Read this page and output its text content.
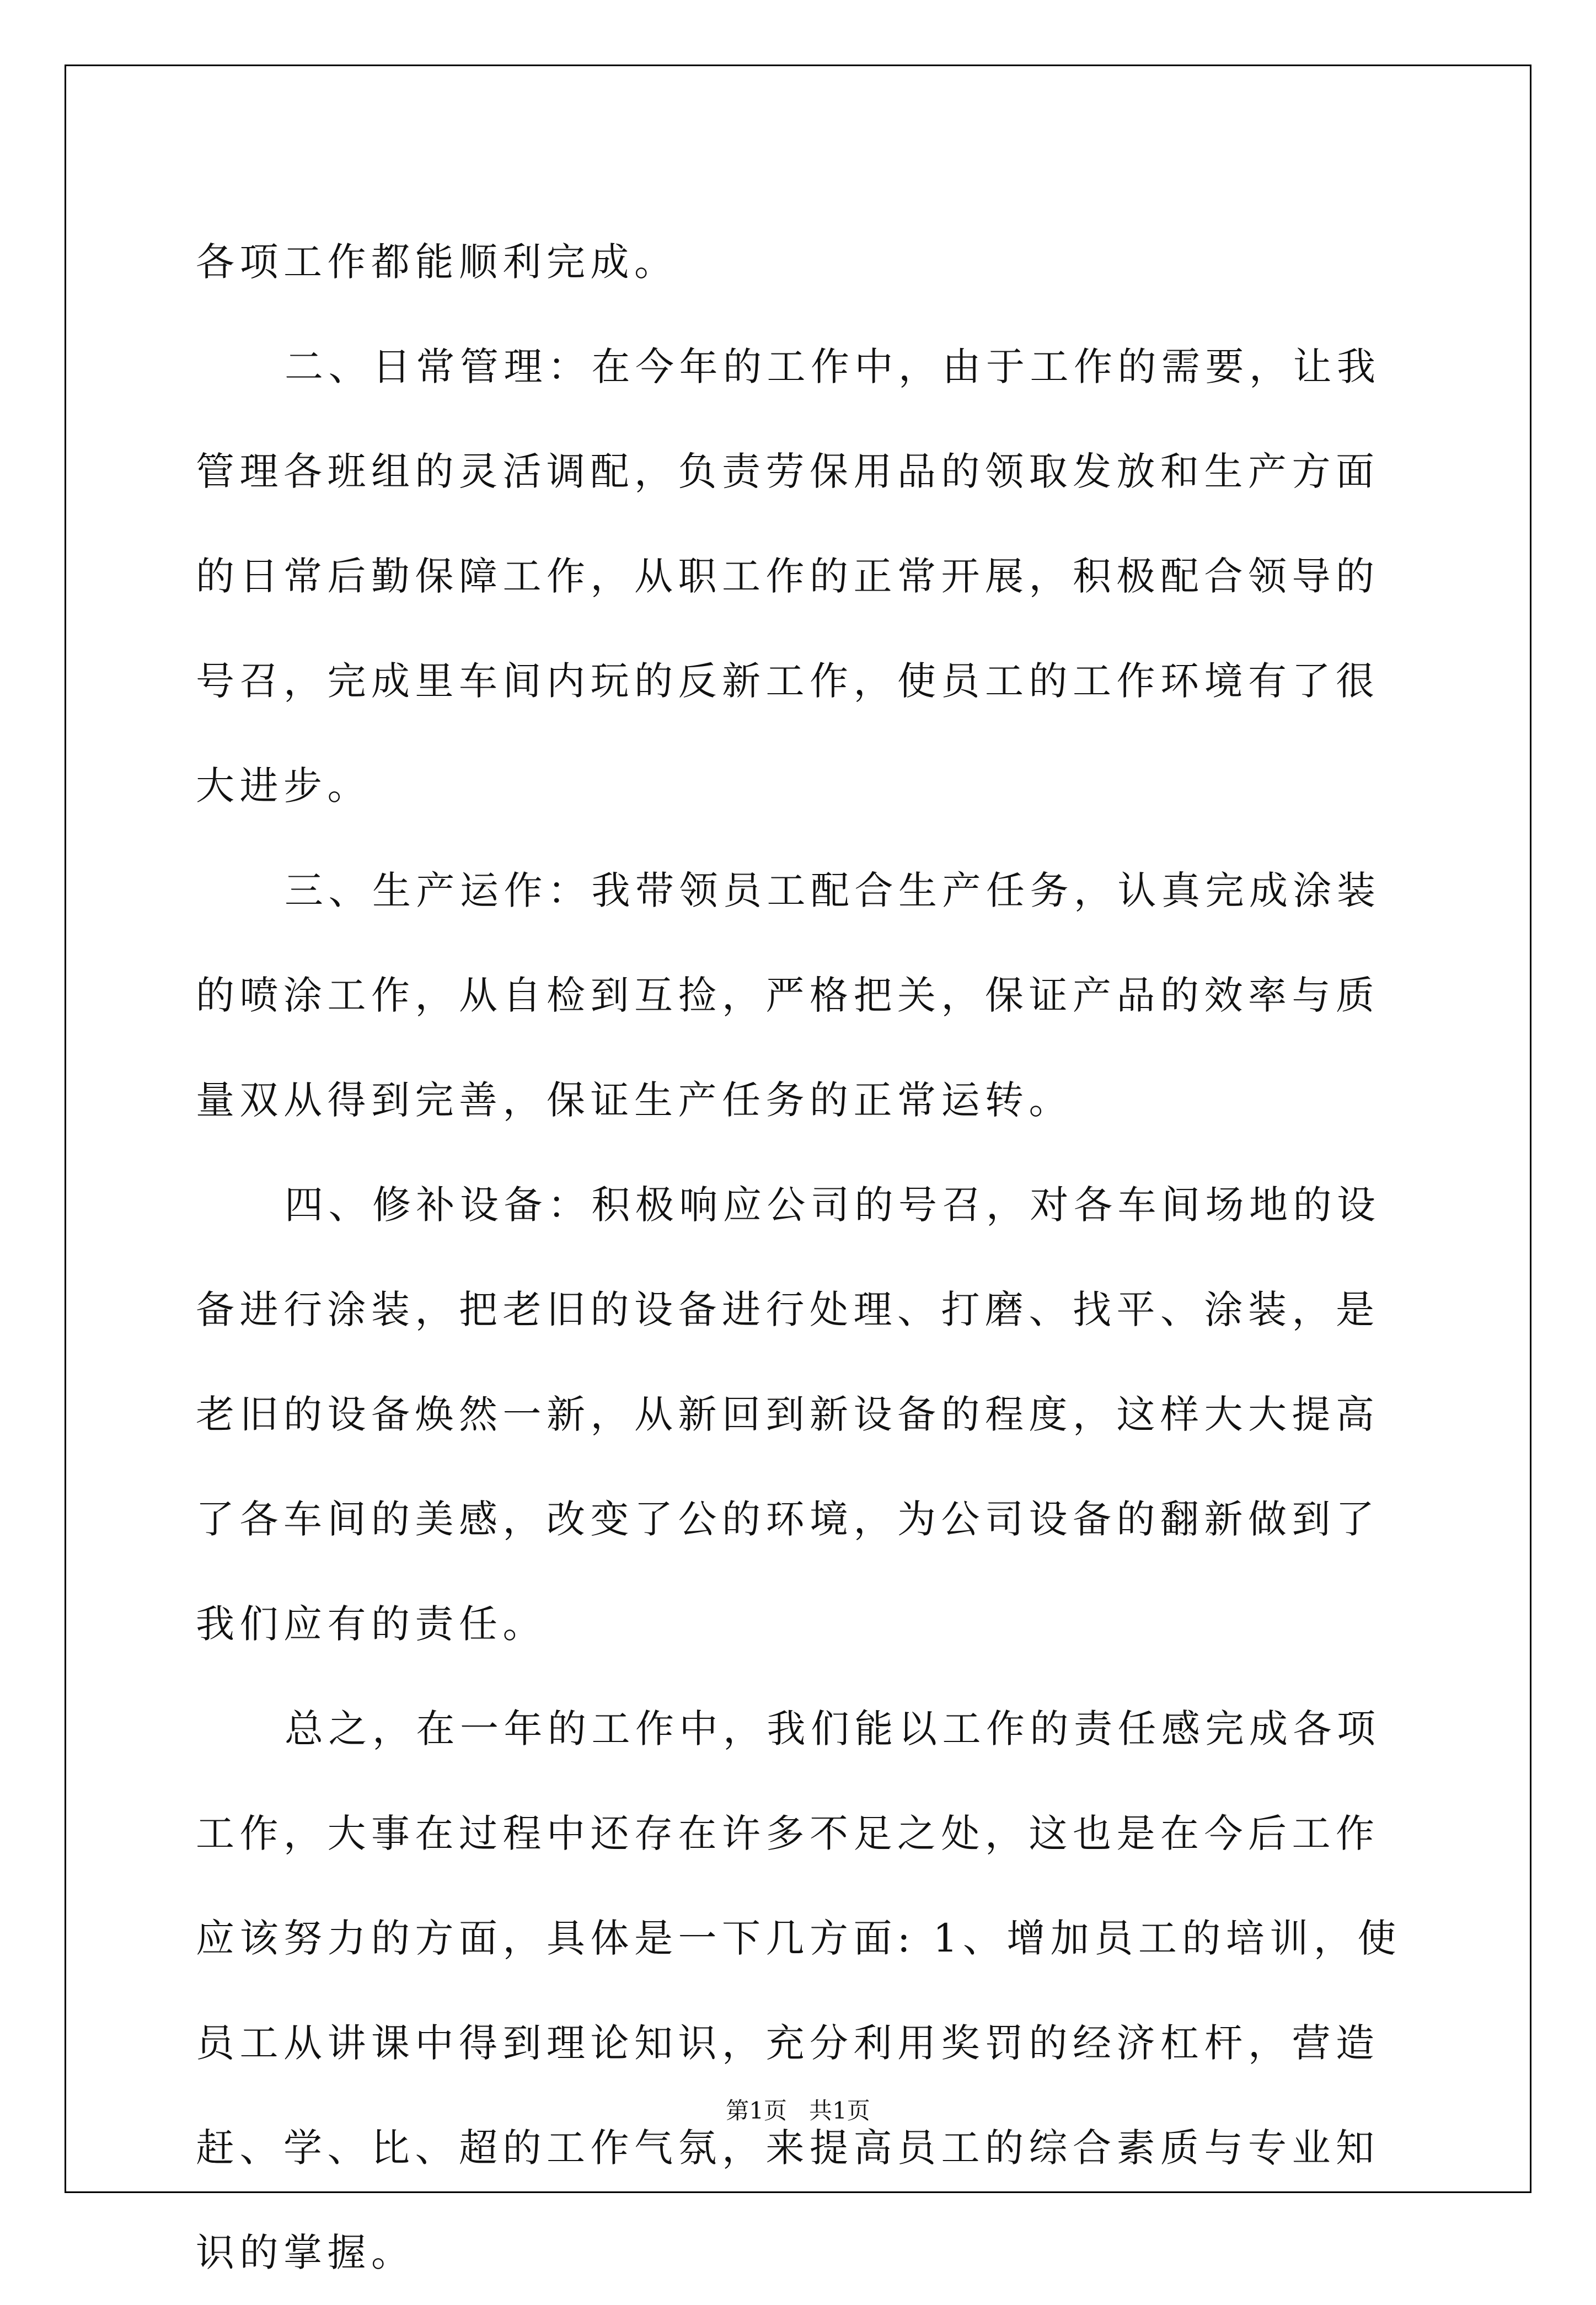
各项工作都能顺利完成。

二、日常管理：在今年的工作中，由于工作的需要，让我管理各班组的灵活调配，负责劳保用品的领取发放和生产方面的日常后勤保障工作，从职工作的正常开展，积极配合领导的号召，完成里车间内玩的反新工作，使员工的工作环境有了很大进步。

三、生产运作：我带领员工配合生产任务，认真完成涂装的喷涂工作，从自检到互捡，严格把关，保证产品的效率与质量双从得到完善，保证生产任务的正常运转。

四、修补设备：积极响应公司的号召，对各车间场地的设备进行涂装，把老旧的设备进行处理、打磨、找平、涂装，是老旧的设备焕然一新，从新回到新设备的程度，这样大大提高了各车间的美感，改变了公的环境，为公司设备的翻新做到了我们应有的责任。

总之，在一年的工作中，我们能以工作的责任感完成各项工作，大事在过程中还存在许多不足之处，这也是在今后工作应该努力的方面，具体是一下几方面: 1、增加员工的培训，使员工从讲课中得到理论知识，充分利用奖罚的经济杠杆，营造赶、学、比、超的工作气氛，来提高员工的综合素质与专业知识的掌握。

第1页   共1页
